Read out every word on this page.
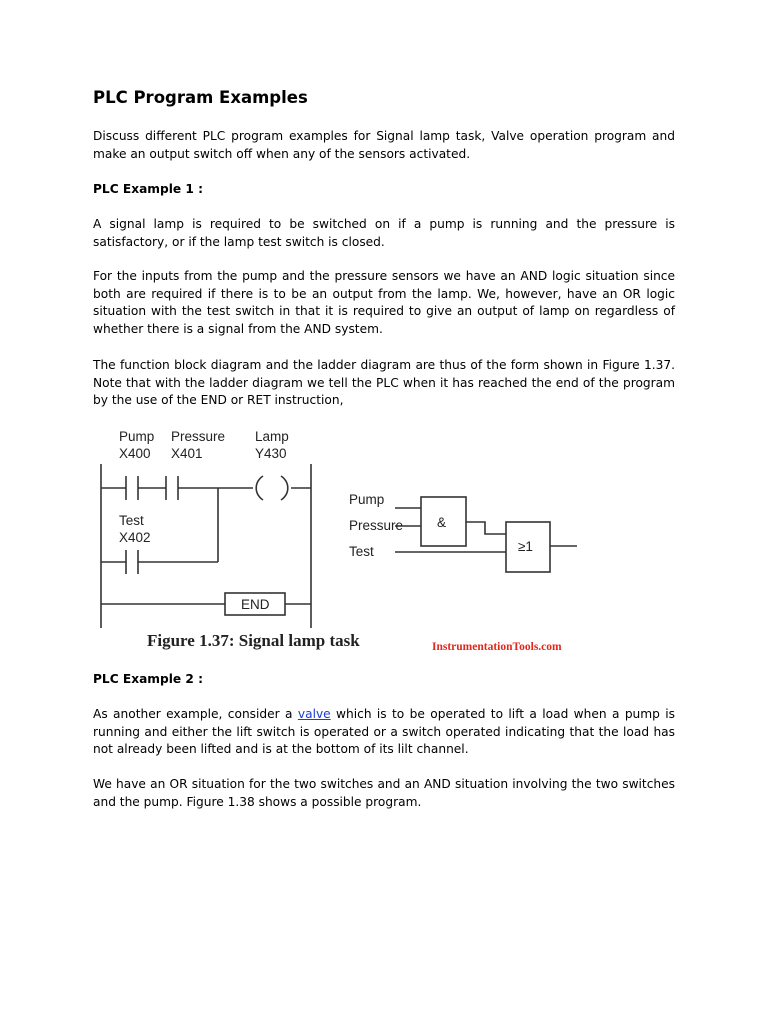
PLC Program Examples

Discuss different PLC program examples for Signal lamp task, Valve operation program and make an output switch off when any of the sensors activated.

PLC Example 1 :

A signal lamp is required to be switched on if a pump is running and the pressure is satisfactory, or if the lamp test switch is closed.

For the inputs from the pump and the pressure sensors we have an AND logic situation since both are required if there is to be an output from the lamp. We, however, have an OR logic situation with the test switch in that it is required to give an output of lamp on regardless of whether there is a signal from the AND system.

The function block diagram and the ladder diagram are thus of the form shown in Figure 1.37. Note that with the ladder diagram we tell the PLC when it has reached the end of the program by the use of the END or RET instruction,

Pump
X400
Pressure
X401
Lamp
Y430
Test
X402
END
Pump
Pressure
Test
&
≥1
Figure 1.37: Signal lamp task	InstrumentationTools.com

PLC Example 2 :

As another example, consider a valve which is to be operated to lift a load when a pump is running and either the lift switch is operated or a switch operated indicating that the load has not already been lifted and is at the bottom of its lilt channel.

We have an OR situation for the two switches and an AND situation involving the two switches and the pump. Figure 1.38 shows a possible program.
